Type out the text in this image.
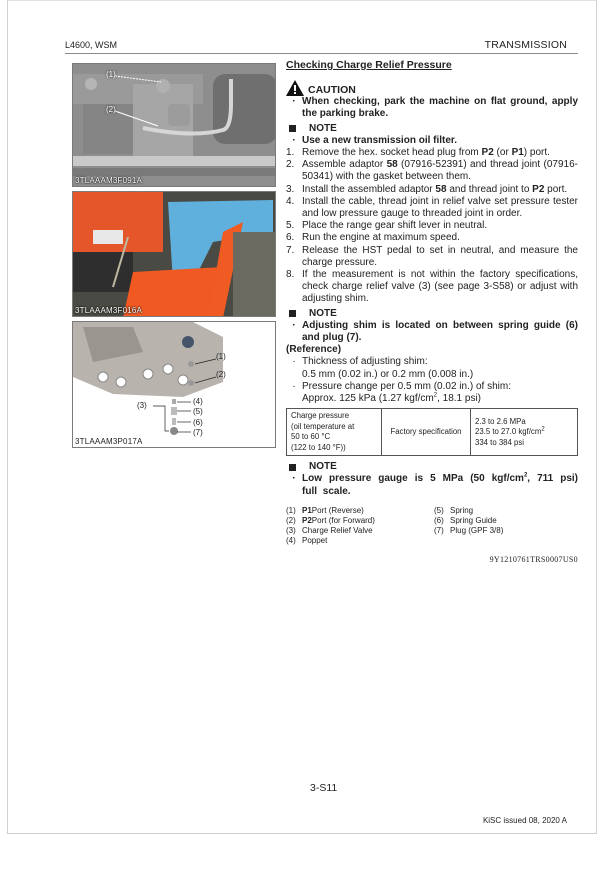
L4600, WSM	TRANSMISSION
(1)
(2)
3TLAAAM3F091A
3TLAAAM3F016A
(1)
(2)
(3)	(4)
(5)
(6)
(7)
3TLAAAM3P017A
Checking Charge Relief Pressure
CAUTION
· When checking, park the machine on flat ground, apply the parking brake.
NOTE
· Use a new transmission oil filter.
1. Remove the hex. socket head plug from P2 (or P1) port.
2. Assemble adaptor 58 (07916-52391) and thread joint (07916-50341) with the gasket between them.
3. Install the assembled adaptor 58 and thread joint to P2 port.
4. Install the cable, thread joint in relief valve set pressure tester and low pressure gauge to threaded joint in order.
5. Place the range gear shift lever in neutral.
6. Run the engine at maximum speed.
7. Release the HST pedal to set in neutral, and measure the charge pressure.
8. If the measurement is not within the factory specifications, check charge relief valve (3) (see page 3-S58) or adjust with adjusting shim.
NOTE
· Adjusting shim is located on between spring guide (6) and plug (7).
(Reference)
· Thickness of adjusting shim:
0.5 mm (0.02 in.) or 0.2 mm (0.008 in.)
· Pressure change per 0.5 mm (0.02 in.) of shim:
Approx. 125 kPa (1.27 kgf/$cm^2$, 18.1 psi)
Charge pressure
(oil temperature at
50 to 60 °C
(122 to 140 °F))	Factory specification	2.3 to 2.6 MPa
23.5 to 27.0 kgf/$cm^2$
334 to 384 psi
NOTE
· Low pressure gauge is 5 MPa (50 kgf/$cm^2$, 711 psi) full scale.
(1) P1 Port (Reverse)	(5) Spring
(2) P2 Port (for Forward)	(6) Spring Guide
(3) Charge Relief Valve	(7) Plug (GPF 3/8)
(4) Poppet
9Y1210761TRS0007US0
3-S11
KiSC issued 08, 2020 A
